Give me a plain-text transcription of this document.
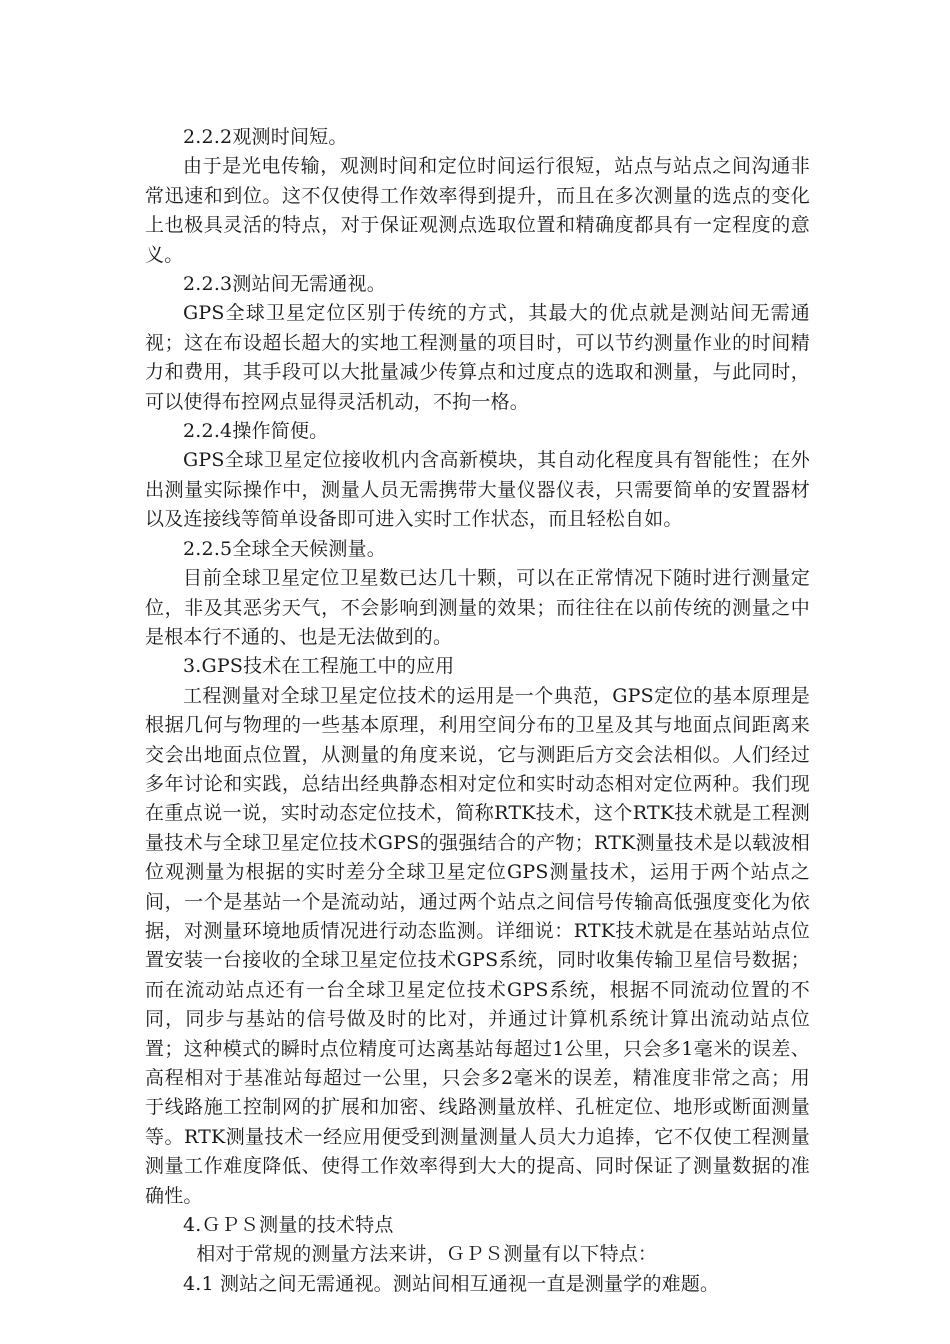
2.2.2观测时间短。

由于是光电传输，观测时间和定位时间运行很短，站点与站点之间沟通非常迅速和到位。这不仅使得工作效率得到提升，而且在多次测量的选点的变化上也极具灵活的特点，对于保证观测点选取位置和精确度都具有一定程度的意义。

2.2.3测站间无需通视。

GPS全球卫星定位区别于传统的方式，其最大的优点就是测站间无需通视；这在布设超长超大的实地工程测量的项目时，可以节约测量作业的时间精力和费用，其手段可以大批量减少传算点和过度点的选取和测量，与此同时，可以使得布控网点显得灵活机动，不拘一格。

2.2.4操作简便。

GPS全球卫星定位接收机内含高新模块，其自动化程度具有智能性；在外出测量实际操作中，测量人员无需携带大量仪器仪表，只需要简单的安置器材以及连接线等简单设备即可进入实时工作状态，而且轻松自如。

2.2.5全球全天候测量。

目前全球卫星定位卫星数已达几十颗，可以在正常情况下随时进行测量定位，非及其恶劣天气，不会影响到测量的效果；而往往在以前传统的测量之中是根本行不通的、也是无法做到的。

3.GPS技术在工程施工中的应用

工程测量对全球卫星定位技术的运用是一个典范，GPS定位的基本原理是根据几何与物理的一些基本原理，利用空间分布的卫星及其与地面点间距离来交会出地面点位置，从测量的角度来说，它与测距后方交会法相似。人们经过多年讨论和实践，总结出经典静态相对定位和实时动态相对定位两种。我们现在重点说一说，实时动态定位技术，简称RTK技术，这个RTK技术就是工程测量技术与全球卫星定位技术GPS的强强结合的产物；RTK测量技术是以载波相位观测量为根据的实时差分全球卫星定位GPS测量技术，运用于两个站点之间，一个是基站一个是流动站，通过两个站点之间信号传输高低强度变化为依据，对测量环境地质情况进行动态监测。详细说：RTK技术就是在基站站点位置安装一台接收的全球卫星定位技术GPS系统，同时收集传输卫星信号数据；而在流动站点还有一台全球卫星定位技术GPS系统，根据不同流动位置的不同，同步与基站的信号做及时的比对，并通过计算机系统计算出流动站点位置；这种模式的瞬时点位精度可达离基站每超过1公里，只会多1毫米的误差、高程相对于基准站每超过一公里，只会多2毫米的误差，精准度非常之高；用于线路施工控制网的扩展和加密、线路测量放样、孔桩定位、地形或断面测量等。RTK测量技术一经应用便受到测量测量人员大力追捧，它不仅使工程测量测量工作难度降低、使得工作效率得到大大的提高、同时保证了测量数据的准确性。

4.ＧＰＳ测量的技术特点

相对于常规的测量方法来讲，ＧＰＳ测量有以下特点：

4.1 测站之间无需通视。测站间相互通视一直是测量学的难题。
